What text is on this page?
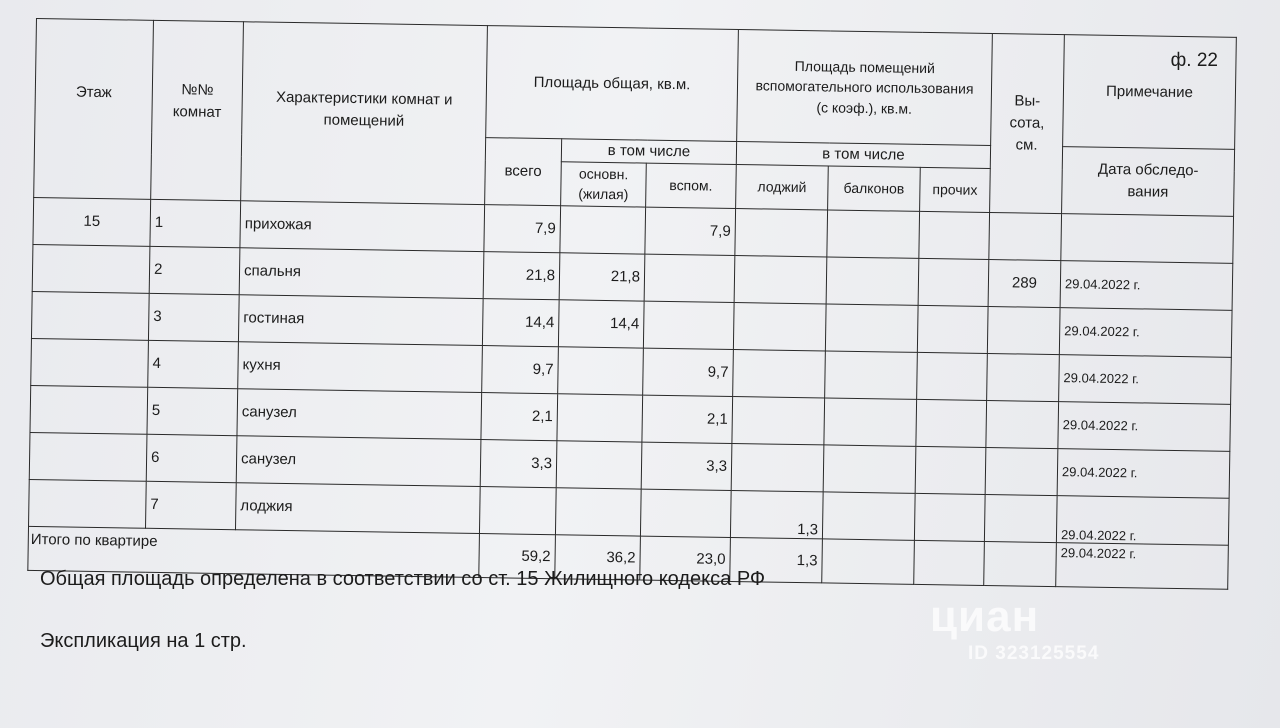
ф. 22
Этаж	№№ комнат	Характеристики комнат и помещений	Площадь общая, кв.м.			Площадь помещений вспомогательного использования (с коэф.), кв.м.			Вы- сота, см.	Примечание
			всего	в том числе		в том числе				Дата обследо- вания
				основн. (жилая)	вспом.	лоджий	балконов	прочих		
15	1	прихожая	7,9		7,9					
	2	спальня	21,8	21,8					289	29.04.2022 г.
	3	гостиная	14,4	14,4						29.04.2022 г.
	4	кухня	9,7		9,7					29.04.2022 г.
	5	санузел	2,1		2,1					29.04.2022 г.
	6	санузел	3,3		3,3					29.04.2022 г.
	7	лоджия				1,3				29.04.2022 г.
Итого по квартире			59,2	36,2	23,0	1,3				29.04.2022 г.
Общая площадь определена в соответствии со ст. 15 Жилищного кодекса РФ
Экспликация на 1 стр.	циан
ID 323125554
